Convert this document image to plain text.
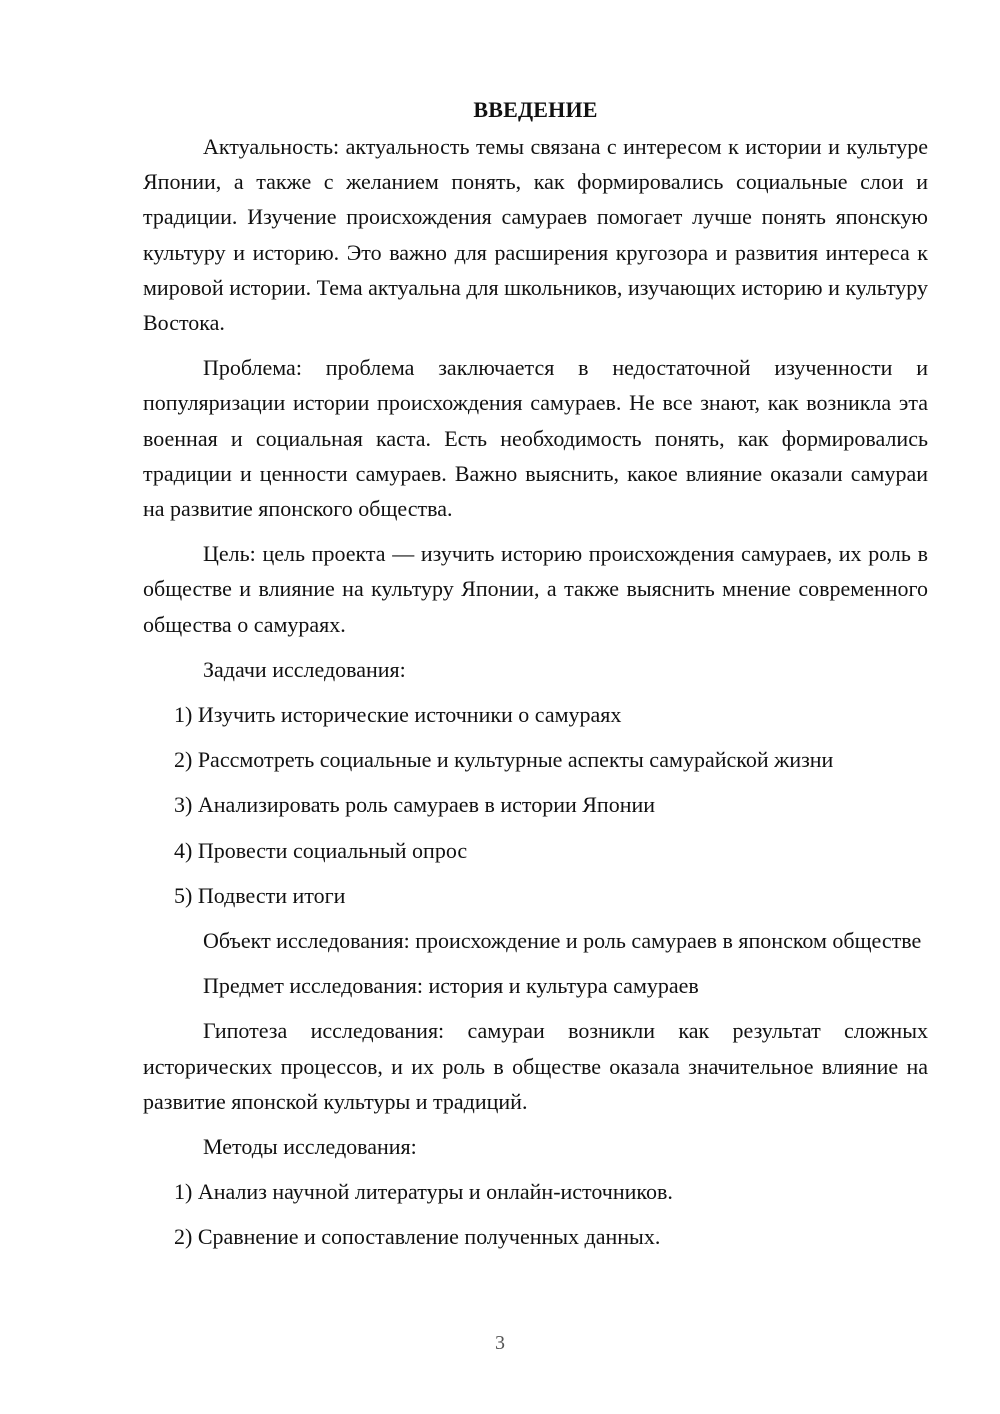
ВВЕДЕНИЕ

Актуальность: актуальность темы связана с интересом к истории и культуре Японии, а также с желанием понять, как формировались социальные слои и традиции. Изучение происхождения самураев помогает лучше понять японскую культуру и историю. Это важно для расширения кругозора и развития интереса к мировой истории. Тема актуальна для школьников, изучающих историю и культуру Востока.

Проблема: проблема заключается в недостаточной изученности и популяризации истории происхождения самураев. Не все знают, как возникла эта военная и социальная каста. Есть необходимость понять, как формировались традиции и ценности самураев. Важно выяснить, какое влияние оказали самураи на развитие японского общества.

Цель: цель проекта — изучить историю происхождения самураев, их роль в обществе и влияние на культуру Японии, а также выяснить мнение современного общества о самураях.

Задачи исследования:

1) Изучить исторические источники о самураях
2) Рассмотреть социальные и культурные аспекты самурайской жизни
3) Анализировать роль самураев в истории Японии
4) Провести социальный опрос
5) Подвести итоги

Объект исследования: происхождение и роль самураев в японском обществе

Предмет исследования: история и культура самураев

Гипотеза исследования: самураи возникли как результат сложных исторических процессов, и их роль в обществе оказала значительное влияние на развитие японской культуры и традиций.

Методы исследования:

1) Анализ научной литературы и онлайн-источников.
2) Сравнение и сопоставление полученных данных.
3
